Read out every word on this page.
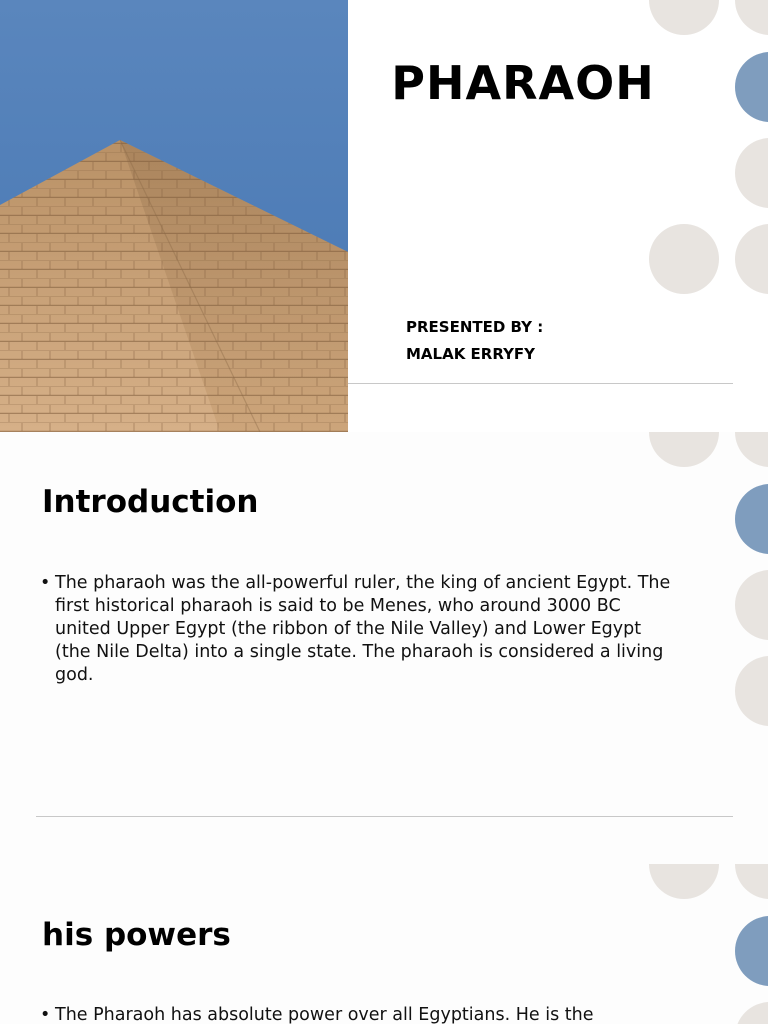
PHARAOH
PRESENTED BY :
MALAK ERRYFY
Introduction
• The pharaoh was the all-powerful ruler, the king of ancient Egypt. The first historical pharaoh is said to be Menes, who around 3000 BC united Upper Egypt (the ribbon of the Nile Valley) and Lower Egypt (the Nile Delta) into a single state. The pharaoh is considered a living god.
his powers
• The Pharaoh has absolute power over all Egyptians. He is the
